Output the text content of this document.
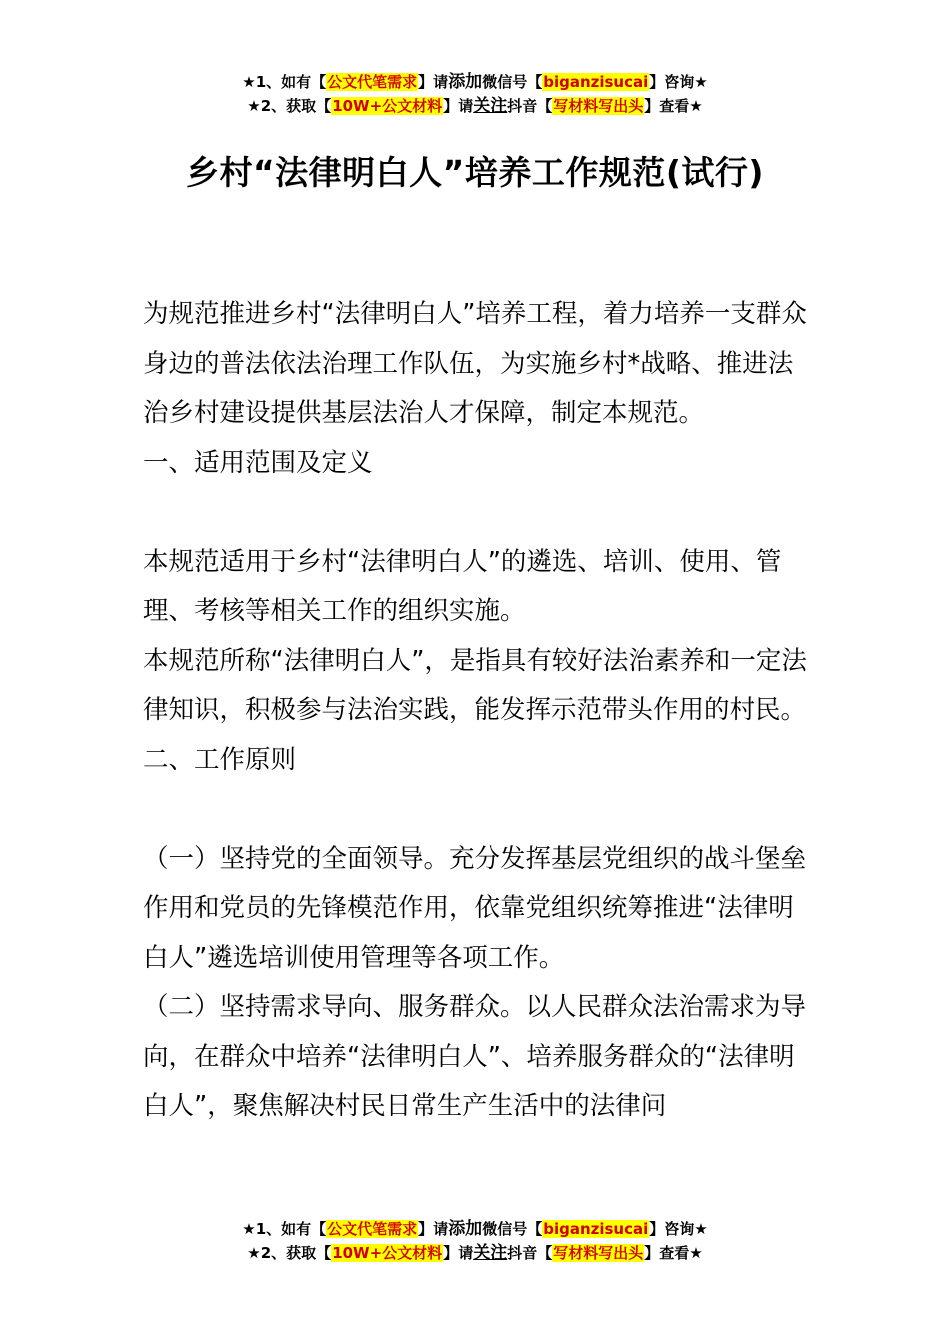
★1、如有【公文代笔需求】请添加微信号【biganzisucai】咨询★
★2、获取【10W+公文材料】请关注抖音【写材料写出头】查看★
乡村“法律明白人”培养工作规范(试行)

为规范推进乡村“法律明白人”培养工程，着力培养一支群众身边的普法依法治理工作队伍，为实施乡村*战略、推进法治乡村建设提供基层法治人才保障，制定本规范。

一、适用范围及定义

本规范适用于乡村“法律明白人”的遴选、培训、使用、管理、考核等相关工作的组织实施。

本规范所称“法律明白人”，是指具有较好法治素养和一定法律知识，积极参与法治实践，能发挥示范带头作用的村民。

二、工作原则

（一）坚持党的全面领导。充分发挥基层党组织的战斗堡垒作用和党员的先锋模范作用，依靠党组织统筹推进“法律明白人”遴选培训使用管理等各项工作。

（二）坚持需求导向、服务群众。以人民群众法治需求为导向，在群众中培养“法律明白人”、培养服务群众的“法律明白人”，聚焦解决村民日常生产生活中的法律问

★1、如有【公文代笔需求】请添加微信号【biganzisucai】咨询★
★2、获取【10W+公文材料】请关注抖音【写材料写出头】查看★
